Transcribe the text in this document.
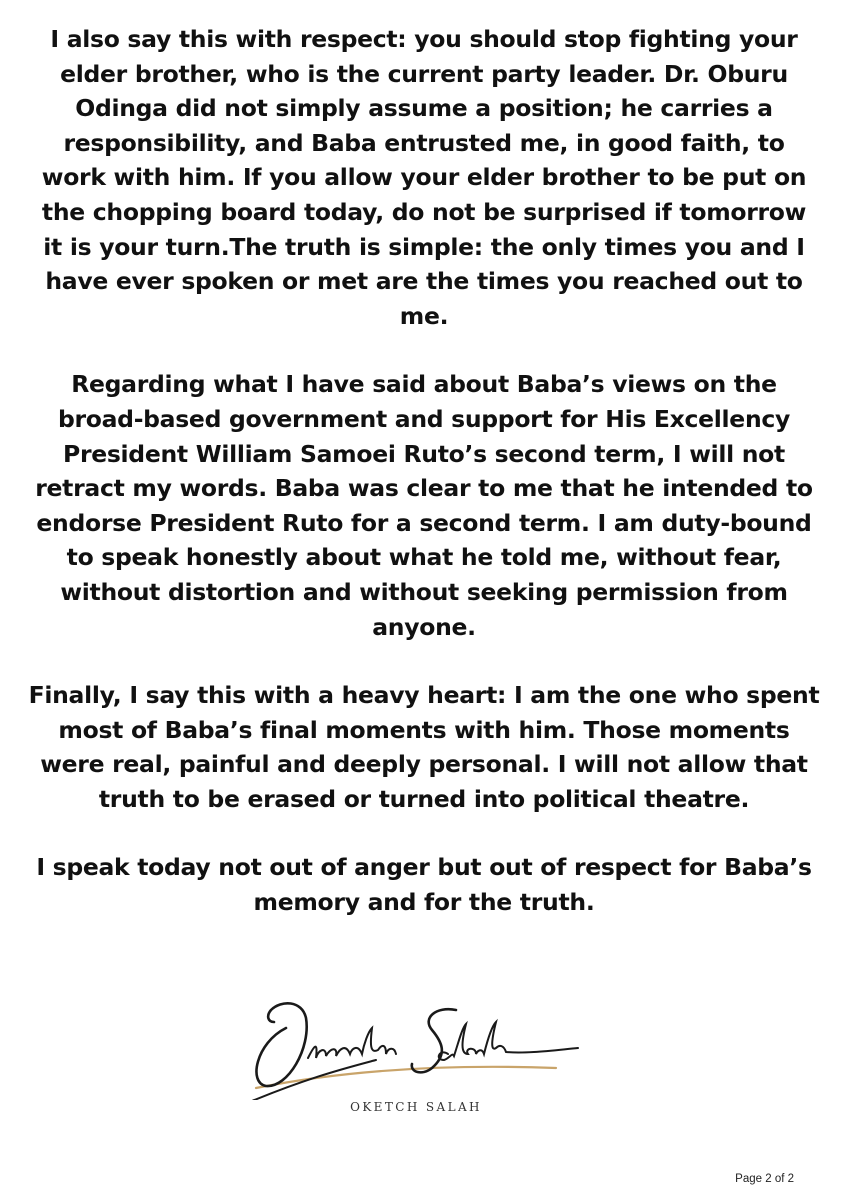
I also say this with respect: you should stop fighting your
elder brother, who is the current party leader. Dr. Oburu
Odinga did not simply assume a position; he carries a
responsibility, and Baba entrusted me, in good faith, to
work with him. If you allow your elder brother to be put on
the chopping board today, do not be surprised if tomorrow
it is your turn.The truth is simple: the only times you and I
have ever spoken or met are the times you reached out to
me.

Regarding what I have said about Baba’s views on the
broad-based government and support for His Excellency
President William Samoei Ruto’s second term, I will not
retract my words. Baba was clear to me that he intended to
endorse President Ruto for a second term. I am duty-bound
to speak honestly about what he told me, without fear,
without distortion and without seeking permission from
anyone.

Finally, I say this with a heavy heart: I am the one who spent
most of Baba’s final moments with him. Those moments
were real, painful and deeply personal. I will not allow that
truth to be erased or turned into political theatre.

I speak today not out of anger but out of respect for Baba’s
memory and for the truth.

OKETCH SALAH
Page 2 of 2
